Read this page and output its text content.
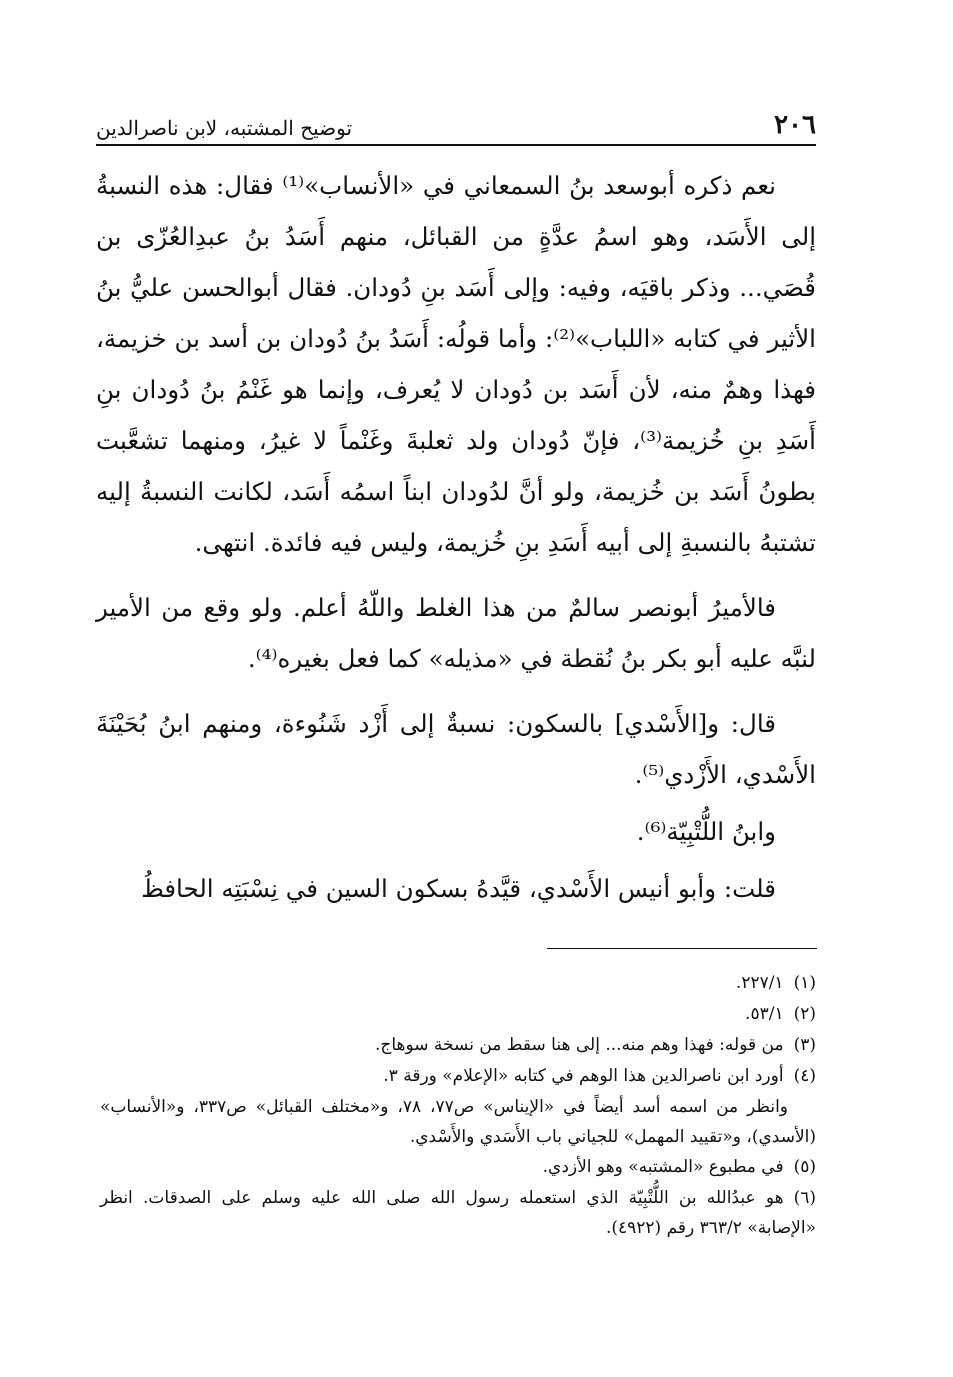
٢٠٦
توضيح المشتبه، لابن ناصرالدين

نعم ذكره أبوسعد بنُ السمعاني في «الأنساب»⁽¹⁾ فقال: هذه النسبةُ إلى الأَسَد، وهو اسمُ عدَّةٍ من القبائل، منهم أَسَدُ بنُ عبدِالعُزّى بن قُصَي... وذكر باقيَه، وفيه: وإلى أَسَد بنِ دُودان. فقال أبوالحسن عليُّ بنُ الأثير في كتابه «اللباب»⁽²⁾: وأما قولُه: أَسَدُ بنُ دُودان بن أسد بن خزيمة، فهذا وهمٌ منه، لأن أَسَد بن دُودان لا يُعرف، وإنما هو غَنْمُ بنُ دُودان بنِ أَسَدِ بنِ خُزيمة⁽³⁾، فإنّ دُودان ولد ثعلبةَ وغَنْماً لا غيرُ، ومنهما تشعَّبت بطونُ أَسَد بن خُزيمة، ولو أنَّ لدُودان ابناً اسمُه أَسَد، لكانت النسبةُ إليه تشتبهُ بالنسبةِ إلى أبيه أَسَدِ بنِ خُزيمة، وليس فيه فائدة. انتهى.

فالأميرُ أبونصر سالمٌ من هذا الغلط واللّهُ أعلم. ولو وقع من الأمير لنبَّه عليه أبو بكر بنُ نُقطة في «مذيله» كما فعل بغيره⁽⁴⁾.

قال: و[الأَسْدي] بالسكون: نسبةٌ إلى أَزْد شَنُوءة، ومنهم ابنُ بُحَيْنَةَ الأَسْدي، الأَزْدي⁽⁵⁾.

وابنُ اللُّتْبِيّة⁽⁶⁾.

قلت: وأبو أنيس الأَسْدي، قيَّدهُ بسكون السين في نِسْبَتِه الحافظُ

(١)٢٢٧/١.
(٢)٥٣/١.
(٣)من قوله: فهذا وهم منه... إلى هنا سقط من نسخة سوهاج.
(٤)أورد ابن ناصرالدين هذا الوهم في كتابه «الإعلام» ورقة ٣.
وانظر من اسمه أسد أيضاً في «الإيناس» ص٧٧، ٧٨، و«مختلف القبائل» ص٣٣٧، و«الأنساب» (الأسدي)، و«تقييد المهمل» للجياني باب الأَسَدي والأَسْدي.
(٥)في مطبوع «المشتبه» وهو الأزدي.
(٦)هو عبدُالله بن اللُّتْبِيّة الذي استعمله رسول الله صلى الله عليه وسلم على الصدقات. انظر «الإصابة» ٣٦٣/٢ رقم (٤٩٢٢).
